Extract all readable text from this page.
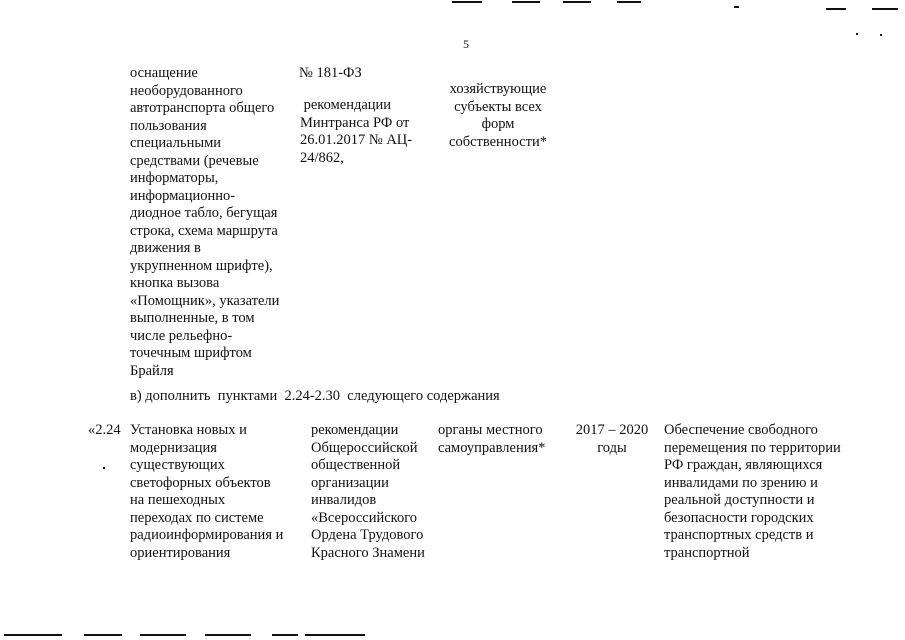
5
оснащение
необорудованного
автотранспорта общего
пользования
специальными
средствами (речевые
информаторы,
информационно-
диодное табло, бегущая
строка, схема маршрута
движения в
укрупненном шрифте),
кнопка вызова
«Помощник», указатели
выполненные, в том
числе рельефно-
точечным шрифтом
Брайля
№ 181-ФЗ
рекомендации
Минтранса РФ от
26.01.2017 № АЦ-
24/862,
хозяйствующие
субъекты всех
форм
собственности*
в) дополнить  пунктами  2.24-2.30  следующего содержания
«2.24 Установка новых и
модернизация
существующих
светофорных объектов
на пешеходных
переходах по системе
радиоинформирования и
ориентирования
рекомендации
Общероссийской
общественной
организации
инвалидов
«Всероссийского
Ордена Трудового
Красного Знамени
органы местного
самоуправления*
2017 – 2020
годы
Обеспечение свободного
перемещения по территории
РФ граждан, являющихся
инвалидами по зрению и
реальной доступности и
безопасности городских
транспортных средств и
транспортной
